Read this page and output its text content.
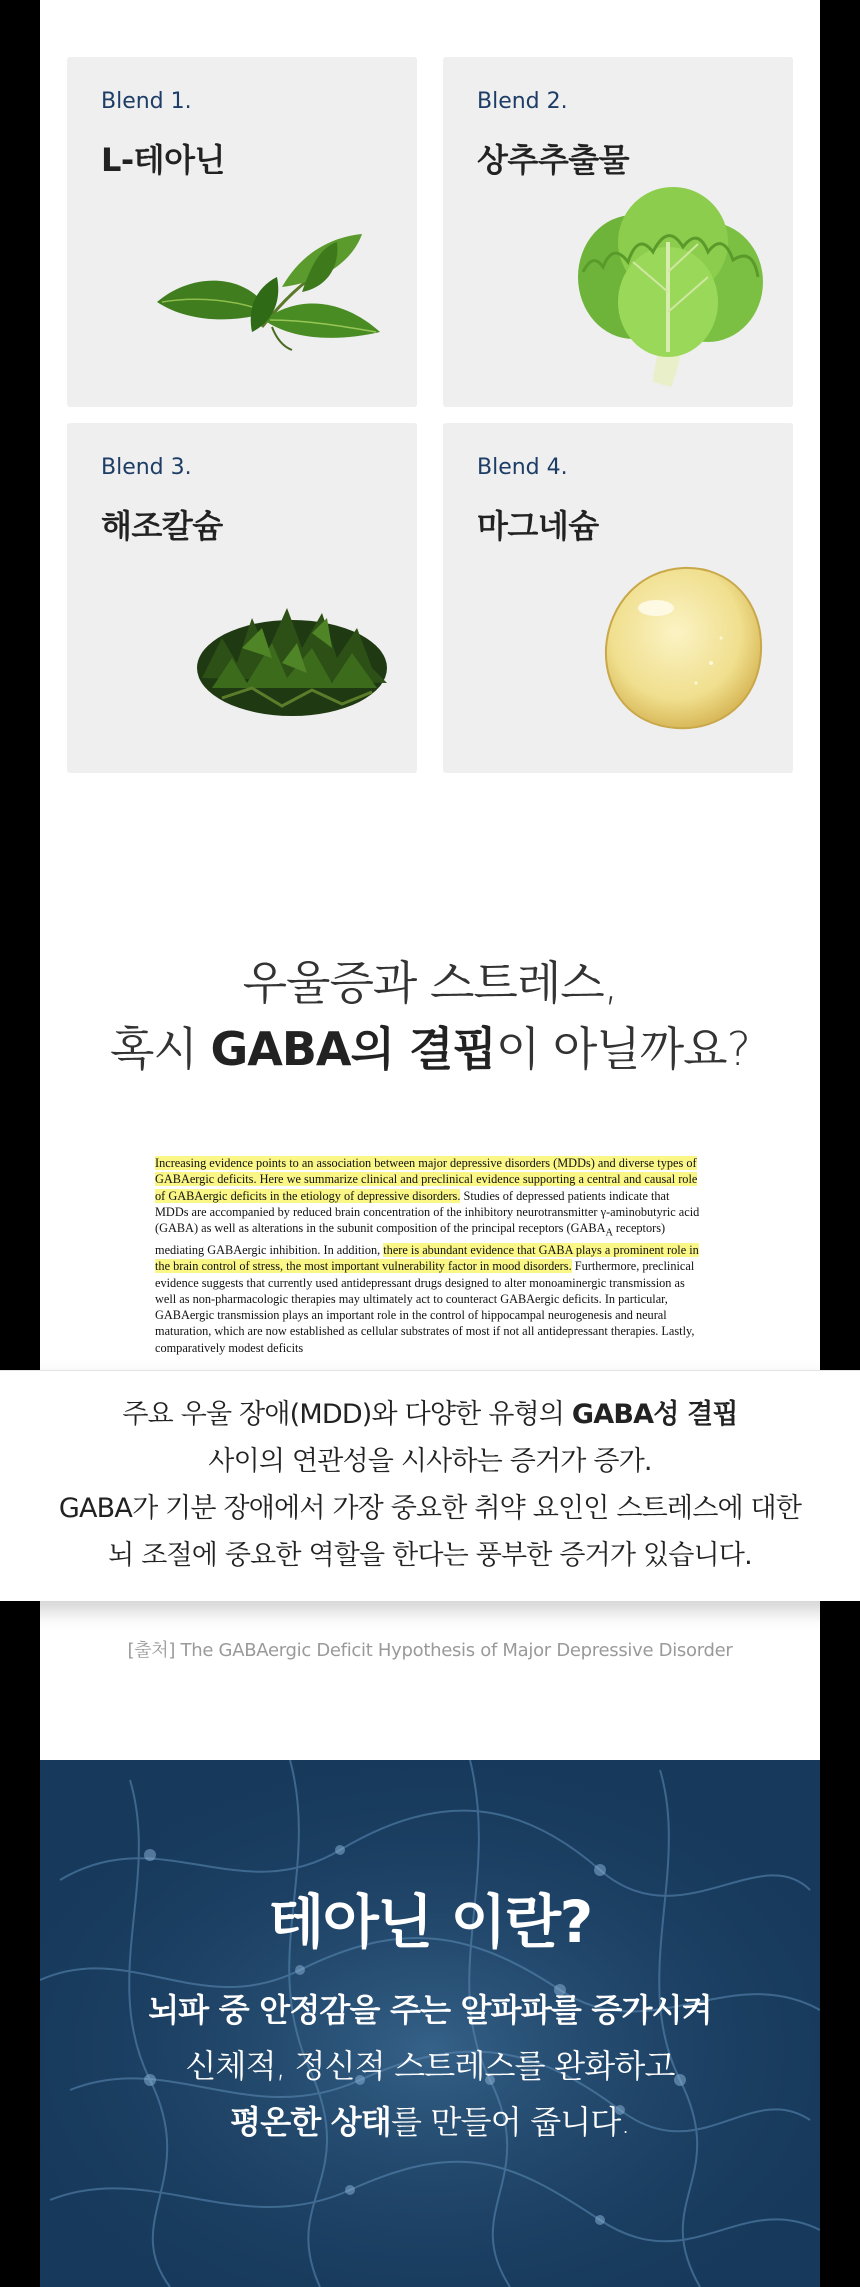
Blend 1.
L-테아닌
Blend 2.
상추추출물
Blend 3.
해조칼슘
Blend 4.
마그네슘
우울증과 스트레스,
혹시 GABA의 결핍이 아닐까요?

Increasing evidence points to an association between major depressive disorders (MDDs) and diverse types of GABAergic deficits. Here we summarize clinical and preclinical evidence supporting a central and causal role of GABAergic deficits in the etiology of depressive disorders. Studies of depressed patients indicate that MDDs are accompanied by reduced brain concentration of the inhibitory neurotransmitter γ-aminobutyric acid (GABA) as well as alterations in the subunit composition of the principal receptors ($GABA_A$ receptors) mediating GABAergic inhibition. In addition, there is abundant evidence that GABA plays a prominent role in the brain control of stress, the most important vulnerability factor in mood disorders. Furthermore, preclinical evidence suggests that currently used antidepressant drugs designed to alter monoaminergic transmission as well as non-pharmacologic therapies may ultimately act to counteract GABAergic deficits. In particular, GABAergic transmission plays an important role in the control of hippocampal neurogenesis and neural maturation, which are now established as cellular substrates of most if not all antidepressant therapies. Lastly, comparatively modest deficits

주요 우울 장애(MDD)와 다양한 유형의 GABA성 결핍
사이의 연관성을 시사하는 증거가 증가.
GABA가 기분 장애에서 가장 중요한 취약 요인인 스트레스에 대한
뇌 조절에 중요한 역할을 한다는 풍부한 증거가 있습니다.
[출처] The GABAergic Deficit Hypothesis of Major Depressive Disorder
테아닌 이란?
뇌파 중 안정감을 주는 알파파를 증가시켜
신체적, 정신적 스트레스를 완화하고
평온한 상태를 만들어 줍니다.
